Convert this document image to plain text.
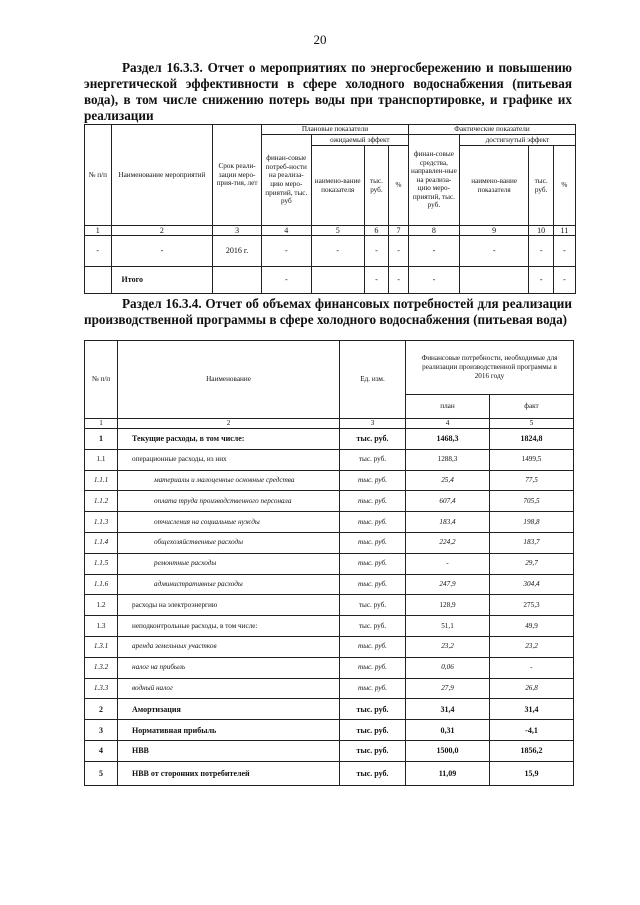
20

Раздел 16.3.3. Отчет о мероприятиях по энергосбережению и повышению энергетической эффективности в сфере холодного водоснабжения (питьевая вода), в том числе снижению потерь воды при транспортировке, и графике их реализации

№ п/п	Наименование мероприятий	Срок реали-зации меро-прия-тия, лет	Плановые показатели				Фактические показатели			
			финан-совые потреб-ности на реализа-цию меро-приятий, тыс. руб	ожидаемый эффект			финан-совые средства, направлен-ные на реализа-цию меро-приятий, тыс. руб.	достигнутый эффект		
				наимено-вание показателя	тыс. руб.	%		наимено-вание показателя	тыс. руб.	%
1	2	3	4	5	6	7	8	9	10	11
-	-	2016 г.	-	-	-	-	-	-	-	-
	Итого		-		-	-	-		-	-

Раздел 16.3.4. Отчет об объемах финансовых потребностей для реализации производственной программы в сфере холодного водоснабжения (питьевая вода)

№ п/п	Наименование	Ед. изм.	Финансовые потребности, необходимые для реализации производственной программы в 2016 году	
			план	факт
1	2	3	4	5
1	Текущие расходы, в том числе:	тыс. руб.	1468,3	1824,8
1.1	операционные расходы, из них	тыс. руб.	1288,3	1499,5
1.1.1	материалы и малоценные основные средства	тыс. руб.	25,4	77,5
1.1.2	оплата труда производственного персонала	тыс. руб.	607,4	705,5
1.1.3	отчисления на социальные нужды	тыс. руб.	183,4	198,8
1.1.4	общехозяйственные расходы	тыс. руб.	224,2	183,7
1.1.5	ремонтные расходы	тыс. руб.	-	29,7
1.1.6	административные расходы	тыс. руб.	247,9	304,4
1.2	расходы на электроэнергию	тыс. руб.	128,9	275,3
1.3	неподконтрольные расходы, в том числе:	тыс. руб.	51,1	49,9
1.3.1	аренда земельных участков	тыс. руб.	23,2	23,2
1.3.2	налог на прибыль	тыс. руб.	0,06	-
1.3.3	водный налог	тыс. руб.	27,9	26,8
2	Амортизация	тыс. руб.	31,4	31,4
3	Нормативная прибыль	тыс. руб.	0,31	-4,1
4	НВВ	тыс. руб.	1500,0	1856,2
5	НВВ от сторонних потребителей	тыс. руб.	11,09	15,9
